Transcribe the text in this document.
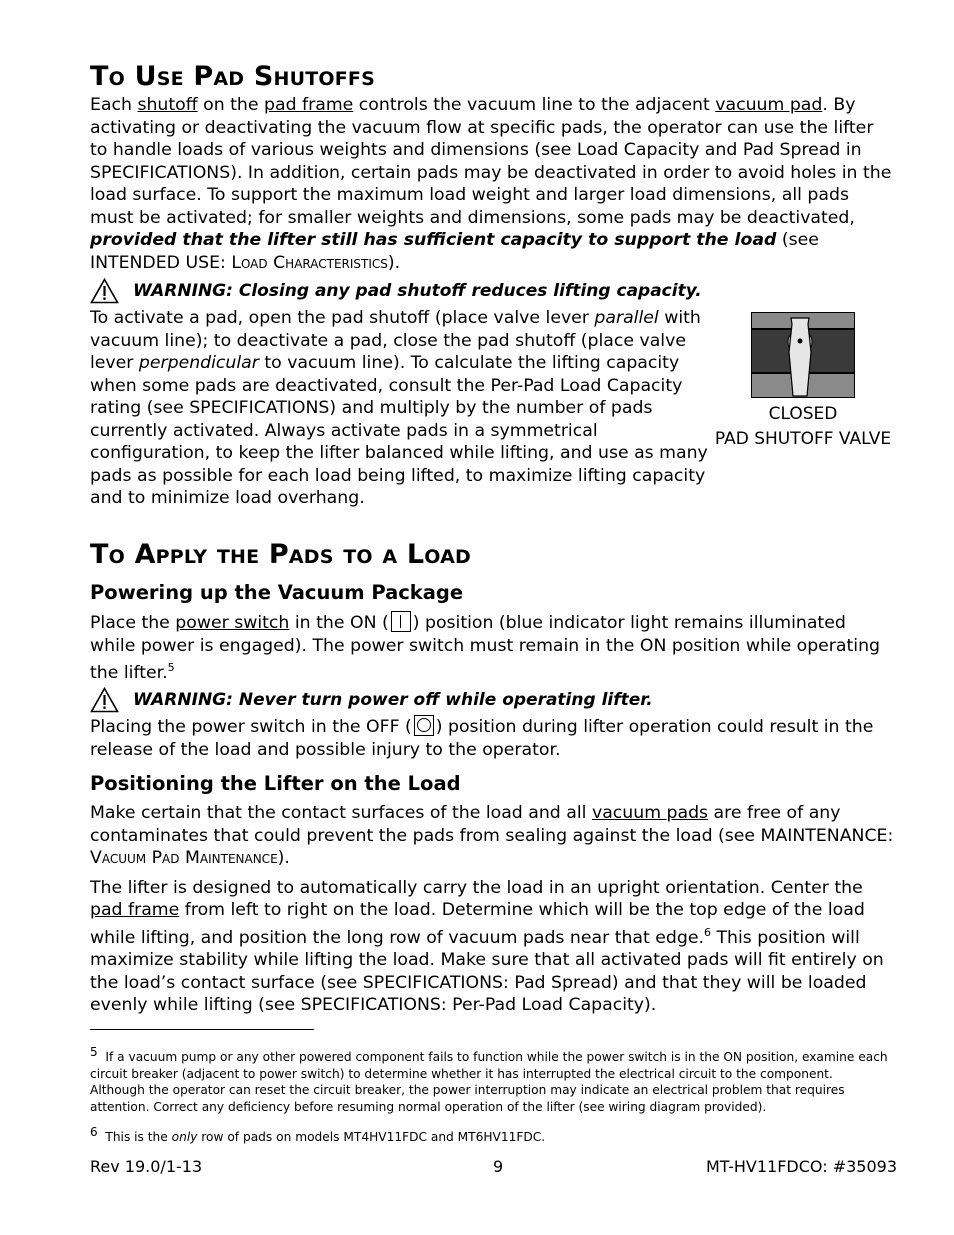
To Use Pad Shutoffs

Each shutoff on the pad frame controls the vacuum line to the adjacent vacuum pad. By activating or deactivating the vacuum flow at specific pads, the operator can use the lifter to handle loads of various weights and dimensions (see Load Capacity and Pad Spread in SPECIFICATIONS). In addition, certain pads may be deactivated in order to avoid holes in the load surface. To support the maximum load weight and larger load dimensions, all pads must be activated; for smaller weights and dimensions, some pads may be deactivated, provided that the lifter still has sufficient capacity to support the load (see INTENDED USE: Load Characteristics).

WARNING: Closing any pad shutoff reduces lifting capacity.

To activate a pad, open the pad shutoff (place valve lever parallel with vacuum line); to deactivate a pad, close the pad shutoff (place valve lever perpendicular to vacuum line). To calculate the lifting capacity when some pads are deactivated, consult the Per-Pad Load Capacity rating (see SPECIFICATIONS) and multiply by the number of pads currently activated. Always activate pads in a symmetrical configuration, to keep the lifter balanced while lifting, and use as many pads as possible for each load being lifted, to maximize lifting capacity and to minimize load overhang.

CLOSED
PAD SHUTOFF VALVE
To Apply the Pads to a Load
Powering up the Vacuum Package

Place the power switch in the ON ( ) position (blue indicator light remains illuminated while power is engaged). The power switch must remain in the ON position while operating the lifter.$^5$

WARNING: Never turn power off while operating lifter.

Placing the power switch in the OFF ( ) position during lifter operation could result in the release of the load and possible injury to the operator.

Positioning the Lifter on the Load

Make certain that the contact surfaces of the load and all vacuum pads are free of any contaminates that could prevent the pads from sealing against the load (see MAINTENANCE: Vacuum Pad Maintenance).

The lifter is designed to automatically carry the load in an upright orientation. Center the pad frame from left to right on the load. Determine which will be the top edge of the load while lifting, and position the long row of vacuum pads near that edge.$^6$ This position will maximize stability while lifting the load. Make sure that all activated pads will fit entirely on the load’s contact surface (see SPECIFICATIONS: Pad Spread) and that they will be loaded evenly while lifting (see SPECIFICATIONS: Per-Pad Load Capacity).

$^5$ If a vacuum pump or any other powered component fails to function while the power switch is in the ON position, examine each circuit breaker (adjacent to power switch) to determine whether it has interrupted the electrical circuit to the component. Although the operator can reset the circuit breaker, the power interruption may indicate an electrical problem that requires attention. Correct any deficiency before resuming normal operation of the lifter (see wiring diagram provided).
$^6$ This is the only row of pads on models MT4HV11FDC and MT6HV11FDC.
Rev 19.0/1-13	9	MT-HV11FDCO: #35093
